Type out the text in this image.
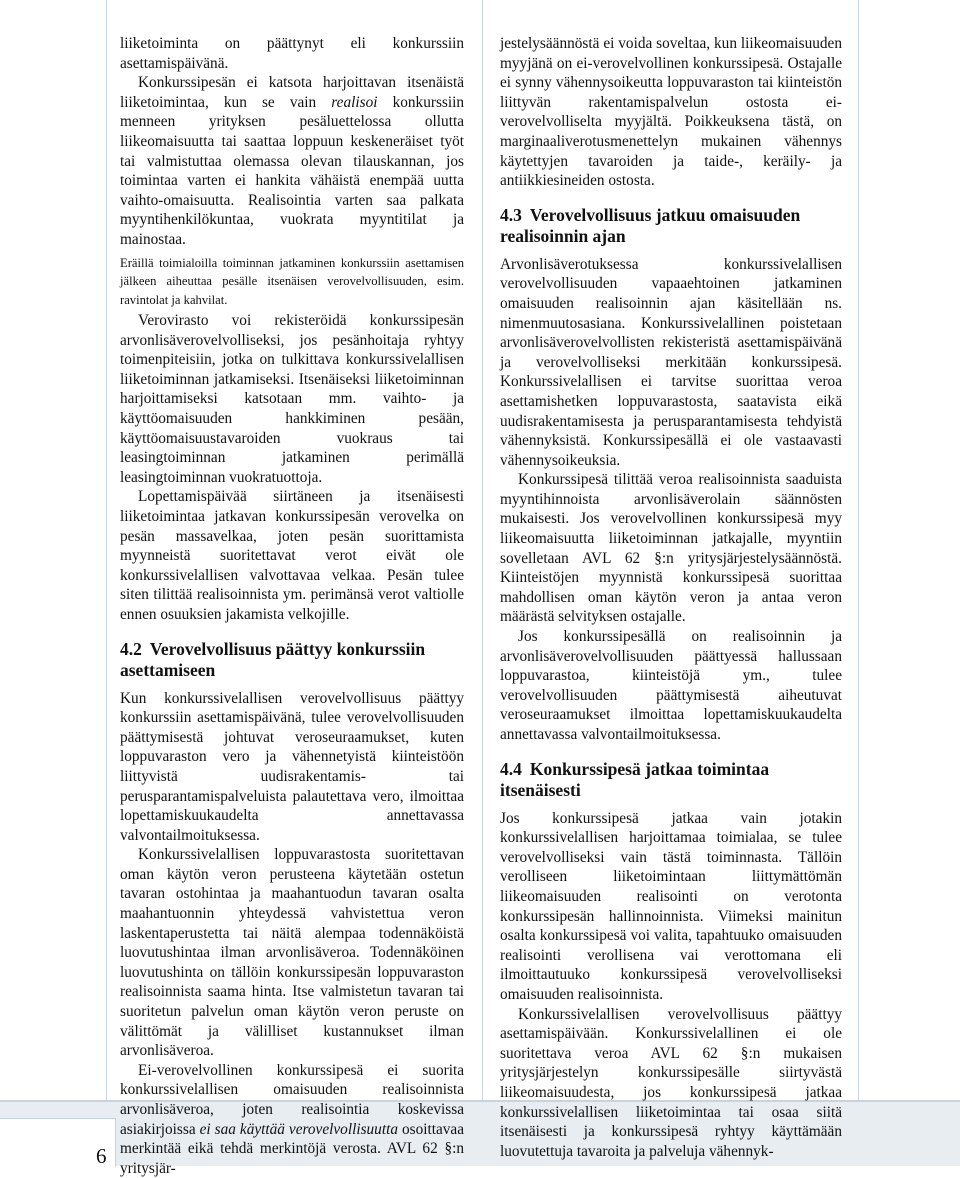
6

liiketoiminta on päättynyt eli konkurssiin asettamispäivänä.

Konkurssipesän ei katsota harjoittavan itsenäistä liiketoimintaa, kun se vain realisoi konkurssiin menneen yrityksen pesäluettelossa ollutta liikeomaisuutta tai saattaa loppuun keskeneräiset työt tai valmistuttaa olemassa olevan tilauskannan, jos toimintaa varten ei hankita vähäistä enempää uutta vaihto-omaisuutta. Realisointia varten saa palkata myyntihenkilökuntaa, vuokrata myyntitilat ja mainostaa.

Eräillä toimialoilla toiminnan jatkaminen konkurssiin asettamisen jälkeen aiheuttaa pesälle itsenäisen verovelvollisuuden, esim. ravintolat ja kahvilat.

Verovirasto voi rekisteröidä konkurssipesän arvonlisäverovelvolliseksi, jos pesänhoitaja ryhtyy toimenpiteisiin, jotka on tulkittava konkurssivelallisen liiketoiminnan jatkamiseksi. Itsenäiseksi liiketoiminnan harjoittamiseksi katsotaan mm. vaihto- ja käyttöomaisuuden hankkiminen pesään, käyttöomaisuustavaroiden vuokraus tai leasingtoiminnan jatkaminen perimällä leasingtoiminnan vuokratuottoja.

Lopettamispäivää siirtäneen ja itsenäisesti liiketoimintaa jatkavan konkurssipesän verovelka on pesän massavelkaa, joten pesän suorittamista myynneistä suoritettavat verot eivät ole konkurssivelallisen valvottavaa velkaa. Pesän tulee siten tilittää realisoinnista ym. perimänsä verot valtiolle ennen osuuksien jakamista velkojille.

4.2 Verovelvollisuus päättyy konkurssiin asettamiseen

Kun konkurssivelallisen verovelvollisuus päättyy konkurssiin asettamispäivänä, tulee verovelvollisuuden päättymisestä johtuvat veroseuraamukset, kuten loppuvaraston vero ja vähennetyistä kiinteistöön liittyvistä uudisrakentamis- tai perusparantamispalveluista palautettava vero, ilmoittaa lopettamiskuukaudelta annettavassa valvontailmoituksessa.

Konkurssivelallisen loppuvarastosta suoritettavan oman käytön veron perusteena käytetään ostetun tavaran ostohintaa ja maahantuodun tavaran osalta maahantuonnin yhteydessä vahvistettua veron laskentaperustetta tai näitä alempaa todennäköistä luovutushintaa ilman arvonlisäveroa. Todennäköinen luovutushinta on tällöin konkurssipesän loppuvaraston realisoinnista saama hinta. Itse valmistetun tavaran tai suoritetun palvelun oman käytön veron peruste on välittömät ja välilliset kustannukset ilman arvonlisäveroa.

Ei-verovelvollinen konkurssipesä ei suorita konkurssivelallisen omaisuuden realisoinnista arvonlisäveroa, joten realisointia koskevissa asiakirjoissa ei saa käyttää verovelvollisuutta osoittavaa merkintää eikä tehdä merkintöjä verosta. AVL 62 §:n yritysjär-

jestelysäännöstä ei voida soveltaa, kun liikeomaisuuden myyjänä on ei-verovelvollinen konkurssipesä. Ostajalle ei synny vähennysoikeutta loppuvaraston tai kiinteistön liittyvän rakentamispalvelun ostosta ei-verovelvolliselta myyjältä. Poikkeuksena tästä, on marginaaliverotusmenettelyn mukainen vähennys käytettyjen tavaroiden ja taide-, keräily- ja antiikkiesineiden ostosta.

4.3 Verovelvollisuus jatkuu omaisuuden realisoinnin ajan

Arvonlisäverotuksessa konkurssivelallisen verovelvollisuuden vapaaehtoinen jatkaminen omaisuuden realisoinnin ajan käsitellään ns. nimenmuutosasiana. Konkurssivelallinen poistetaan arvonlisäverovelvollisten rekisteristä asettamispäivänä ja verovelvolliseksi merkitään konkurssipesä. Konkurssivelallisen ei tarvitse suorittaa veroa asettamishetken loppuvarastosta, saatavista eikä uudisrakentamisesta ja perusparantamisesta tehdyistä vähennyksistä. Konkurssipesällä ei ole vastaavasti vähennysoikeuksia.

Konkurssipesä tilittää veroa realisoinnista saaduista myyntihinnoista arvonlisäverolain säännösten mukaisesti. Jos verovelvollinen konkurssipesä myy liikeomaisuutta liiketoiminnan jatkajalle, myyntiin sovelletaan AVL 62 §:n yritysjärjestelysäännöstä. Kiinteistöjen myynnistä konkurssipesä suorittaa mahdollisen oman käytön veron ja antaa veron määrästä selvityksen ostajalle.

Jos konkurssipesällä on realisoinnin ja arvonlisäverovelvollisuuden päättyessä hallussaan loppuvarastoa, kiinteistöjä ym., tulee verovelvollisuuden päättymisestä aiheutuvat veroseuraamukset ilmoittaa lopettamiskuukaudelta annettavassa valvontailmoituksessa.

4.4 Konkurssipesä jatkaa toimintaa itsenäisesti

Jos konkurssipesä jatkaa vain jotakin konkurssivelallisen harjoittamaa toimialaa, se tulee verovelvolliseksi vain tästä toiminnasta. Tällöin verolliseen liiketoimintaan liittymättömän liikeomaisuuden realisointi on verotonta konkurssipesän hallinnoinnista. Viimeksi mainitun osalta konkurssipesä voi valita, tapahtuuko omaisuuden realisointi verollisena vai verottomana eli ilmoittautuuko konkurssipesä verovelvolliseksi omaisuuden realisoinnista.

Konkurssivelallisen verovelvollisuus päättyy asettamispäivään. Konkurssivelallinen ei ole suoritettava veroa AVL 62 §:n mukaisen yritysjärjestelyn konkurssipesälle siirtyvästä liikeomaisuudesta, jos konkurssipesä jatkaa konkurssivelallisen liiketoimintaa tai osaa siitä itsenäisesti ja konkurssipesä ryhtyy käyttämään luovutettuja tavaroita ja palveluja vähennyk-
